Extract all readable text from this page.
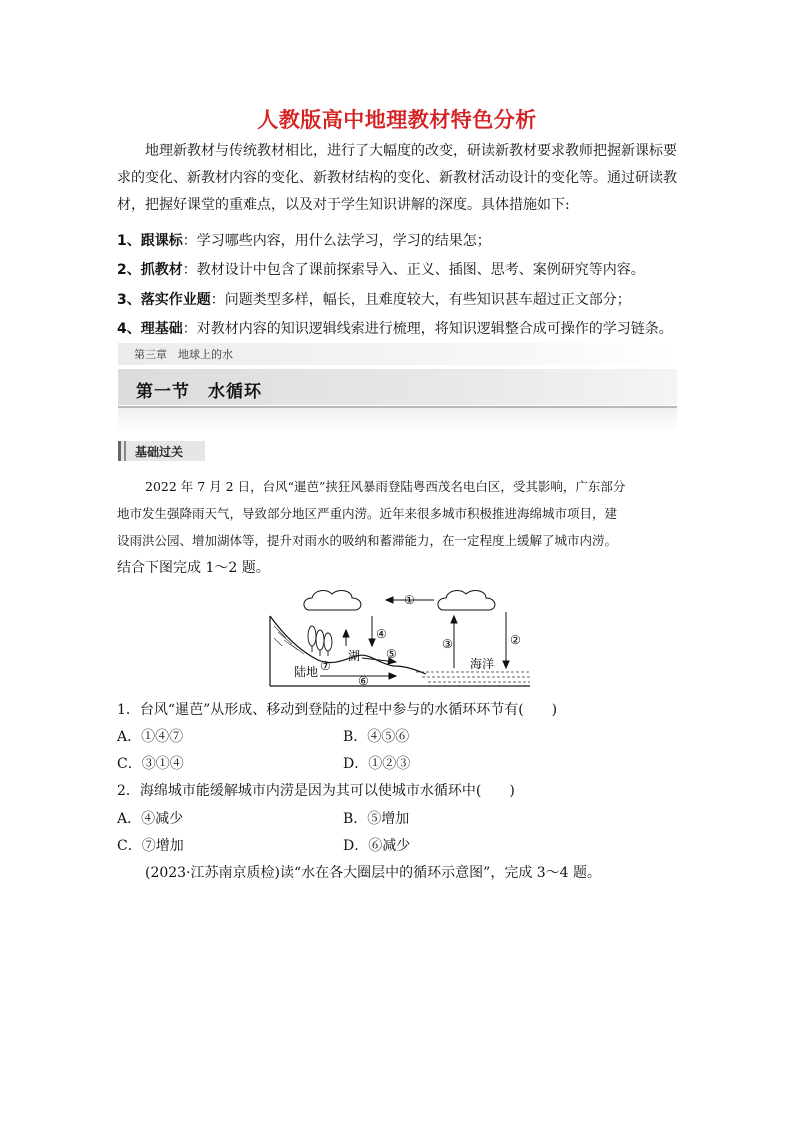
人教版高中地理教材特色分析
地理新教材与传统教材相比，进行了大幅度的改变，研读新教材要求教师把握新课标要
求的变化、新教材内容的变化、新教材结构的变化、新教材活动设计的变化等。通过研读教
材，把握好课堂的重难点，以及对于学生知识讲解的深度。具体措施如下:
1、跟课标：学习哪些内容，用什么法学习，学习的结果怎；
2、抓教材：教材设计中包含了课前探索导入、正义、插图、思考、案例研究等内容。
3、落实作业题：问题类型多样，幅长，且难度较大，有些知识甚车超过正文部分；
4、理基础：对教材内容的知识逻辑线索进行梳理，将知识逻辑整合成可操作的学习链条。
第三章　地球上的水
第一节　水循环
基础过关
2022 年 7 月 2 日，台风“暹芭”挟狂风暴雨登陆粤西茂名电白区，受其影响，广东部分
地市发生强降雨天气，导致部分地区严重内涝。近年来很多城市积极推进海绵城市项目，建
设雨洪公园、增加湖体等，提升对雨水的吸纳和蓄滞能力，在一定程度上缓解了城市内涝。
结合下图完成 1～2 题。
①
②
③
④
⑤
⑥
⑦
湖
陆地
海洋
1．台风“暹芭”从形成、移动到登陆的过程中参与的水循环环节有(　　)
A．①④⑦	B．④⑤⑥
C．③①④	D．①②③
2．海绵城市能缓解城市内涝是因为其可以使城市水循环中(　　)
A．④减少	B．⑤增加
C．⑦增加	D．⑥减少
(2023·江苏南京质检)读“水在各大圈层中的循环示意图”，完成 3～4 题。
